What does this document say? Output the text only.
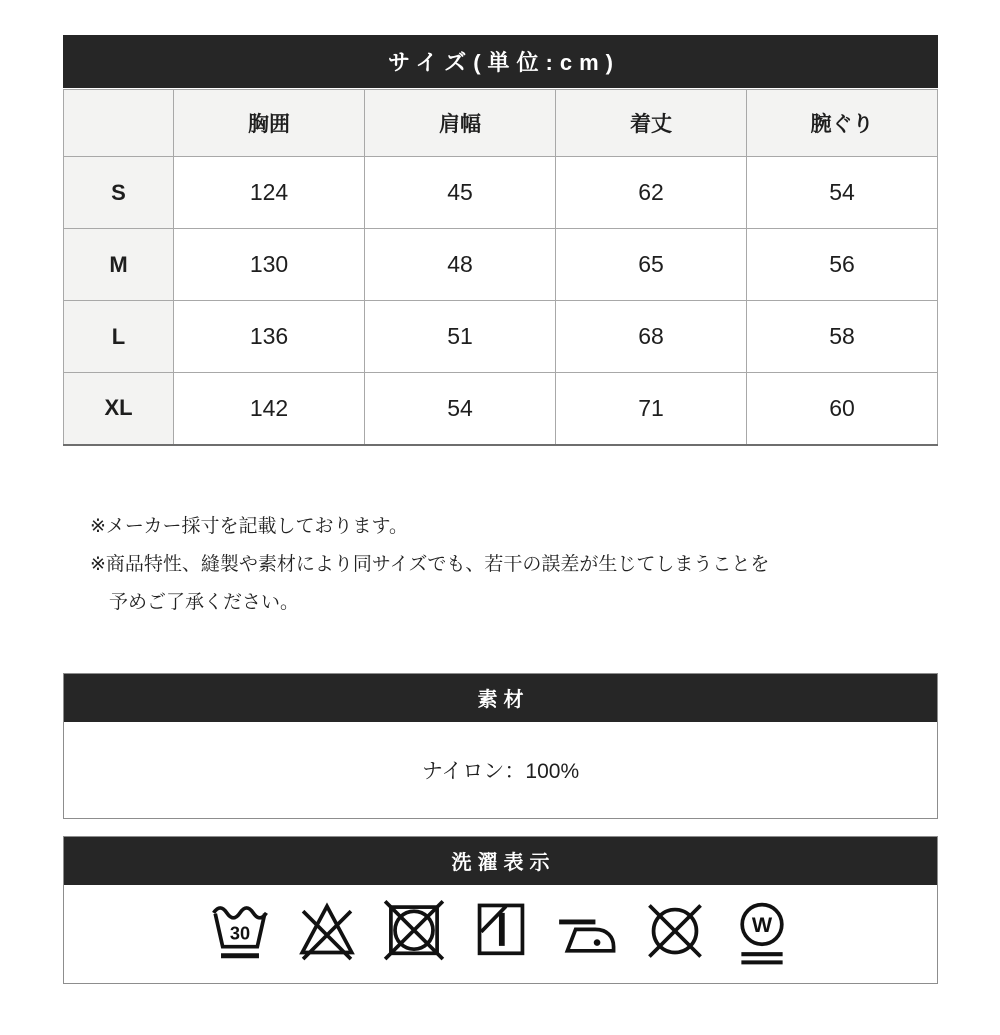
サイズ(単位:cm)
	胸囲	肩幅	着丈	腕ぐり
S	124	45	62	54
M	130	48	65	56
L	136	51	68	58
XL	142	54	71	60

※メーカー採寸を記載しております。

※商品特性、縫製や素材により同サイズでも、若干の誤差が生じてしまうことを

予めご了承ください。

素材
ナイロン：100%
洗濯表示
30	W
